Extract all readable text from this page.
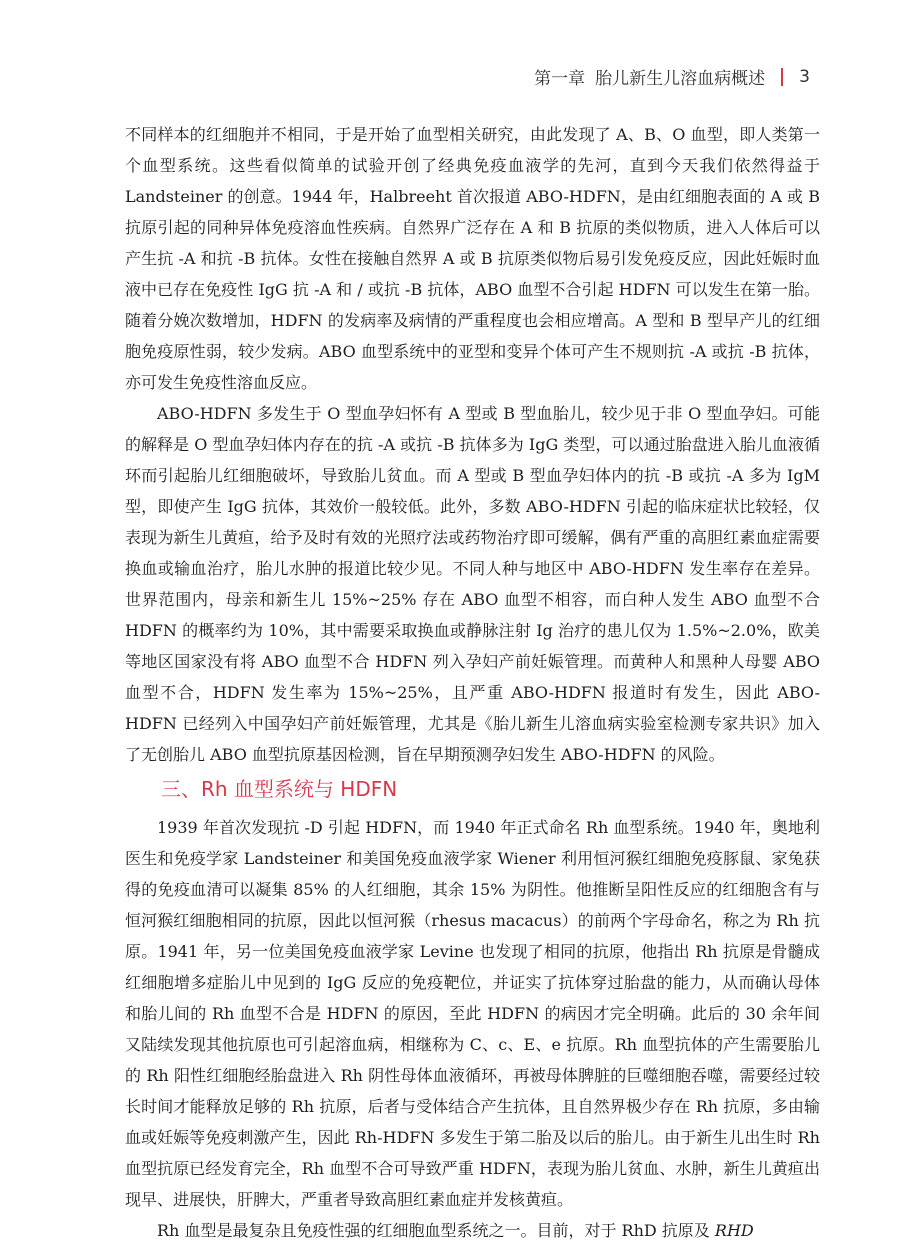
第一章 胎儿新生儿溶血病概述 3

不同样本的红细胞并不相同，于是开始了血型相关研究，由此发现了 A、B、O 血型，即人类第一个血型系统。这些看似简单的试验开创了经典免疫血液学的先河，直到今天我们依然得益于 Landsteiner 的创意。1944 年，Halbreeht 首次报道 ABO-HDFN，是由红细胞表面的 A 或 B 抗原引起的同种异体免疫溶血性疾病。自然界广泛存在 A 和 B 抗原的类似物质，进入人体后可以产生抗 -A 和抗 -B 抗体。女性在接触自然界 A 或 B 抗原类似物后易引发免疫反应，因此妊娠时血液中已存在免疫性 IgG 抗 -A 和 / 或抗 -B 抗体，ABO 血型不合引起 HDFN 可以发生在第一胎。随着分娩次数增加，HDFN 的发病率及病情的严重程度也会相应增高。A 型和 B 型早产儿的红细胞免疫原性弱，较少发病。ABO 血型系统中的亚型和变异个体可产生不规则抗 -A 或抗 -B 抗体，亦可发生免疫性溶血反应。

ABO-HDFN 多发生于 O 型血孕妇怀有 A 型或 B 型血胎儿，较少见于非 O 型血孕妇。可能的解释是 O 型血孕妇体内存在的抗 -A 或抗 -B 抗体多为 IgG 类型，可以通过胎盘进入胎儿血液循环而引起胎儿红细胞破坏，导致胎儿贫血。而 A 型或 B 型血孕妇体内的抗 -B 或抗 -A 多为 IgM 型，即使产生 IgG 抗体，其效价一般较低。此外，多数 ABO-HDFN 引起的临床症状比较轻，仅表现为新生儿黄疸，给予及时有效的光照疗法或药物治疗即可缓解，偶有严重的高胆红素血症需要换血或输血治疗，胎儿水肿的报道比较少见。不同人种与地区中 ABO-HDFN 发生率存在差异。世界范围内，母亲和新生儿 15%~25% 存在 ABO 血型不相容，而白种人发生 ABO 血型不合 HDFN 的概率约为 10%，其中需要采取换血或静脉注射 Ig 治疗的患儿仅为 1.5%~2.0%，欧美等地区国家没有将 ABO 血型不合 HDFN 列入孕妇产前妊娠管理。而黄种人和黑种人母婴 ABO 血型不合，HDFN 发生率为 15%~25%，且严重 ABO-HDFN 报道时有发生，因此 ABO-HDFN 已经列入中国孕妇产前妊娠管理，尤其是《胎儿新生儿溶血病实验室检测专家共识》加入了无创胎儿 ABO 血型抗原基因检测，旨在早期预测孕妇发生 ABO-HDFN 的风险。

三、Rh 血型系统与 HDFN

1939 年首次发现抗 -D 引起 HDFN，而 1940 年正式命名 Rh 血型系统。1940 年，奥地利医生和免疫学家 Landsteiner 和美国免疫血液学家 Wiener 利用恒河猴红细胞免疫豚鼠、家兔获得的免疫血清可以凝集 85% 的人红细胞，其余 15% 为阴性。他推断呈阳性反应的红细胞含有与恒河猴红细胞相同的抗原，因此以恒河猴（rhesus macacus）的前两个字母命名，称之为 Rh 抗原。1941 年，另一位美国免疫血液学家 Levine 也发现了相同的抗原，他指出 Rh 抗原是骨髓成红细胞增多症胎儿中见到的 IgG 反应的免疫靶位，并证实了抗体穿过胎盘的能力，从而确认母体和胎儿间的 Rh 血型不合是 HDFN 的原因，至此 HDFN 的病因才完全明确。此后的 30 余年间又陆续发现其他抗原也可引起溶血病，相继称为 C、c、E、e 抗原。Rh 血型抗体的产生需要胎儿的 Rh 阳性红细胞经胎盘进入 Rh 阴性母体血液循环，再被母体脾脏的巨噬细胞吞噬，需要经过较长时间才能释放足够的 Rh 抗原，后者与受体结合产生抗体，且自然界极少存在 Rh 抗原，多由输血或妊娠等免疫刺激产生，因此 Rh-HDFN 多发生于第二胎及以后的胎儿。由于新生儿出生时 Rh 血型抗原已经发育完全，Rh 血型不合可导致严重 HDFN，表现为胎儿贫血、水肿，新生儿黄疸出现早、进展快，肝脾大，严重者导致高胆红素血症并发核黄疸。

Rh 血型是最复杂且免疫性强的红细胞血型系统之一。目前，对于 RhD 抗原及 RHD
